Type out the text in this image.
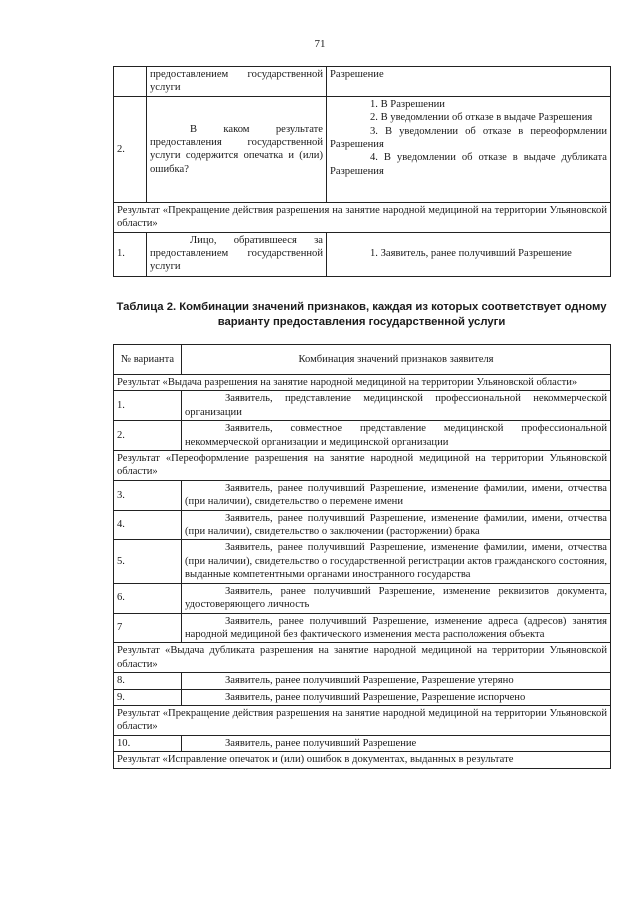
71
	предоставлением государственной услуги	Разрешение
2.	В каком результате предоставления государственной услуги содержится опечатка и (или) ошибка?	1. В Разрешении
2. В уведомлении об отказе в выдаче Разрешения
3. В уведомлении об отказе в переоформлении Разрешения
4. В уведомлении об отказе в выдаче дубликата Разрешения

Результат «Прекращение действия разрешения на занятие народной медициной на территории Ульяновской области»		
1.	Лицо, обратившееся за предоставлением государственной услуги	1. Заявитель, ранее получивший Разрешение
Таблица 2. Комбинации значений признаков, каждая из которых соответствует одному варианту предоставления государственной услуги
№ варианта	Комбинация значений признаков заявителя
Результат «Выдача разрешения на занятие народной медициной на территории Ульяновской области»	
1.	Заявитель, представление медицинской профессиональной некоммерческой организации
2.	Заявитель, совместное представление медицинской профессиональной некоммерческой организации и медицинской организации
Результат «Переоформление разрешения на занятие народной медициной на территории Ульяновской области»	
3.	Заявитель, ранее получивший Разрешение, изменение фамилии, имени, отчества (при наличии), свидетельство о перемене имени
4.	Заявитель, ранее получивший Разрешение, изменение фамилии, имени, отчества (при наличии), свидетельство о заключении (расторжении) брака
5.	Заявитель, ранее получивший Разрешение, изменение фамилии, имени, отчества (при наличии), свидетельство о государственной регистрации актов гражданского состояния, выданные компетентными органами иностранного государства
6.	Заявитель, ранее получивший Разрешение, изменение реквизитов документа, удостоверяющего личность
7	Заявитель, ранее получивший Разрешение, изменение адреса (адресов) занятия народной медициной без фактического изменения места расположения объекта
Результат «Выдача дубликата разрешения на занятие народной медициной на территории Ульяновской области»	
8.	Заявитель, ранее получивший Разрешение, Разрешение утеряно
9.	Заявитель, ранее получивший Разрешение, Разрешение испорчено
Результат «Прекращение действия разрешения на занятие народной медициной на территории Ульяновской области»	
10.	Заявитель, ранее получивший Разрешение
Результат «Исправление опечаток и (или) ошибок в документах, выданных в результате	
